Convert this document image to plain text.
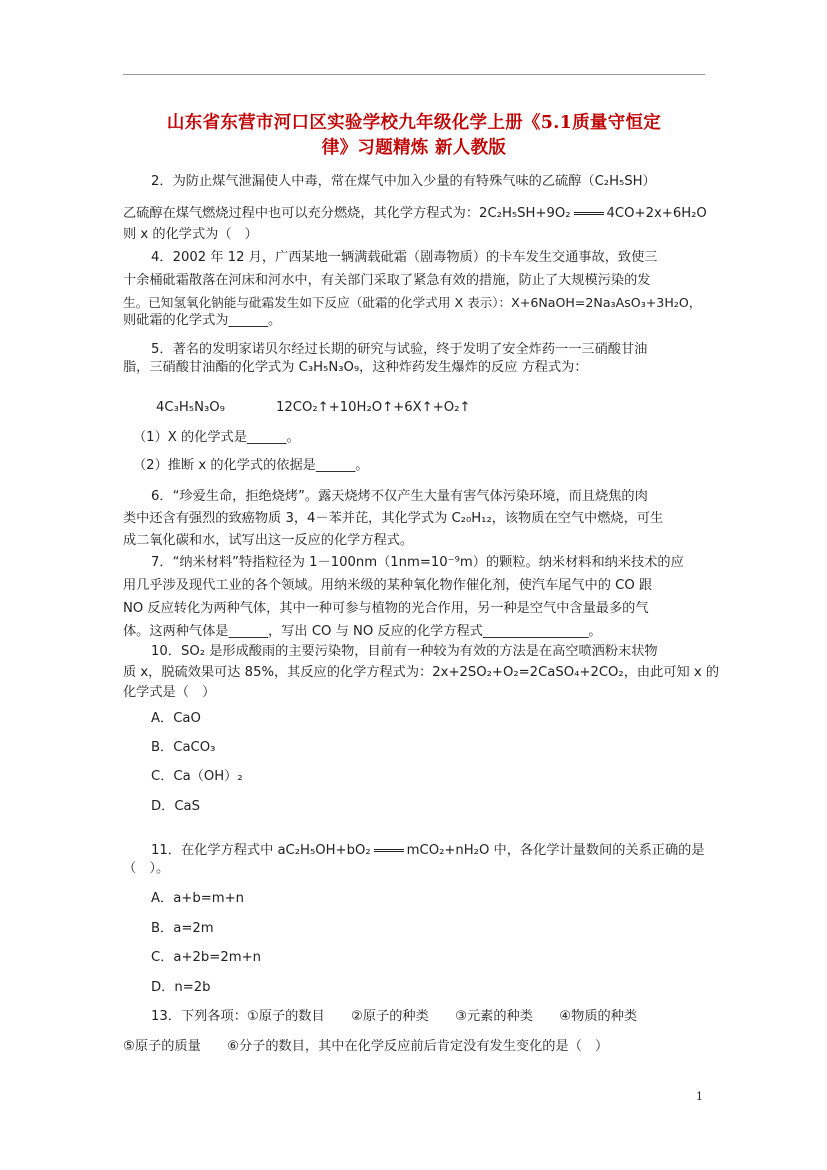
山东省东营市河口区实验学校九年级化学上册《5.1质量守恒定
律》习题精炼 新人教版
2．为防止煤气泄漏使人中毒，常在煤气中加入少量的有特殊气味的乙硫醇（C₂H₅SH）
乙硫醇在煤气燃烧过程中也可以充分燃烧，其化学方程式为：2C₂H₅SH+9O₂	4CO+2x+6H₂O
则 x 的化学式为（　）
4．2002 年 12 月，广西某地一辆满载砒霜（剧毒物质）的卡车发生交通事故，致使三
十余桶砒霜散落在河床和河水中，有关部门采取了紧急有效的措施，防止了大规模污染的发
生。已知氢氧化钠能与砒霜发生如下反应（砒霜的化学式用 X 表示）：X+6NaOH=2Na₃AsO₃+3H₂O，
则砒霜的化学式为______。
5．著名的发明家诺贝尔经过长期的研究与试验，终于发明了安全炸药一一三硝酸甘油
脂，三硝酸甘油酯的化学式为 C₃H₅N₃O₉，这种炸药发生爆炸的反应 方程式为：
4C₃H₅N₃O₉	12CO₂↑+10H₂O↑+6X↑+O₂↑
（1）X 的化学式是______。
（2）推断 x 的化学式的依据是______。
6．“珍爱生命，拒绝烧烤”。露天烧烤不仅产生大量有害气体污染环境，而且烧焦的肉
类中还含有强烈的致癌物质 3，4－苯并芘，其化学式为 C₂₀H₁₂，该物质在空气中燃烧，可生
成二氧化碳和水，试写出这一反应的化学方程式。
7．“纳米材料”特指粒径为 1－100nm（1nm=10⁻⁹m）的颗粒。纳米材料和纳米技术的应
用几乎涉及现代工业的各个领域。用纳米级的某种氧化物作催化剂，使汽车尾气中的 CO 跟
NO 反应转化为两种气体，其中一种可参与植物的光合作用，另一种是空气中含量最多的气
体。这两种气体是______，写出 CO 与 NO 反应的化学方程式________________。
10．SO₂ 是形成酸雨的主要污染物，目前有一种较为有效的方法是在高空喷洒粉末状物
质 x，脱硫效果可达 85%，其反应的化学方程式为：2x+2SO₂+O₂=2CaSO₄+2CO₂，由此可知 x 的
化学式是（　）
A．CaO
B．CaCO₃
C．Ca（OH）₂
D．CaS
11．在化学方程式中 aC₂H₅OH+bO₂	mCO₂+nH₂O 中，各化学计量数间的关系正确的是
（　）。
A．a+b=m+n
B．a=2m
C．a+2b=2m+n
D．n=2b
13．下列各项：①原子的数目　　②原子的种类　　③元素的种类　　④物质的种类
⑤原子的质量　　⑥分子的数目，其中在化学反应前后肯定没有发生变化的是（　）
1
